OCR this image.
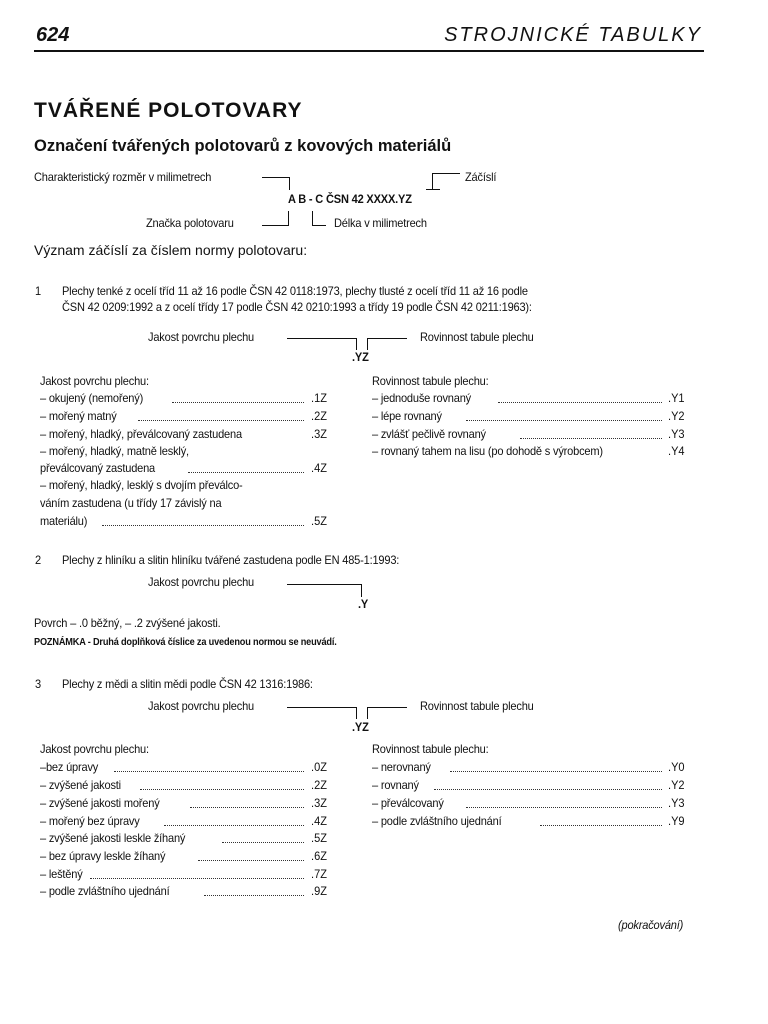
624	STROJNICKÉ TABULKY
TVÁŘENÉ POLOTOVARY
Označení tvářených polotovarů z kovových materiálů
Charakteristický rozměr v milimetrech	Záčíslí
A B - C ČSN 42 XXXX.YZ
Značka polotovaru	Délka v milimetrech
Význam záčíslí za číslem normy polotovaru:
1 Plechy tenké z ocelí tříd 11 až 16 podle ČSN 42 0118:1973, plechy tlusté z ocelí tříd 11 až 16 podle
ČSN 42 0209:1992 a z ocelí třídy 17 podle ČSN 42 0210:1993 a třídy 19 podle ČSN 42 0211:1963):
Jakost povrchu plechu	Rovinnost tabule plechu
.YZ
Jakost povrchu plechu:
– okujený (nemořený)	.1Z
– mořený matný	.2Z
– mořený, hladký, převálcovaný zastudena	.3Z
– mořený, hladký, matně lesklý,
převálcovaný zastudena	.4Z
– mořený, hladký, lesklý s dvojím převálco-
váním zastudena (u třídy 17 závislý na
materiálu)	.5Z
Rovinnost tabule plechu:
– jednoduše rovnaný	.Y1
– lépe rovnaný	.Y2
– zvlášť pečlivě rovnaný	.Y3
– rovnaný tahem na lisu (po dohodě s výrobcem)	.Y4
2 Plechy z hliníku a slitin hliníku tvářené zastudena podle EN 485-1:1993:
Jakost povrchu plechu
.Y
Povrch – .0 běžný, – .2 zvýšené jakosti.
POZNÁMKA - Druhá doplňková číslice za uvedenou normou se neuvádí.
3 Plechy z mědi a slitin mědi podle ČSN 42 1316:1986:
Jakost povrchu plechu	Rovinnost tabule plechu
.YZ
Jakost povrchu plechu:
–bez úpravy	.0Z
– zvýšené jakosti	.2Z
– zvýšené jakosti mořený	.3Z
– mořený bez úpravy	.4Z
– zvýšené jakosti leskle žíhaný	.5Z
– bez úpravy leskle žíhaný	.6Z
– leštěný	.7Z
– podle zvláštního ujednání	.9Z
Rovinnost tabule plechu:
– nerovnaný	.Y0
– rovnaný	.Y2
– převálcovaný	.Y3
– podle zvláštního ujednání	.Y9
(pokračování)
